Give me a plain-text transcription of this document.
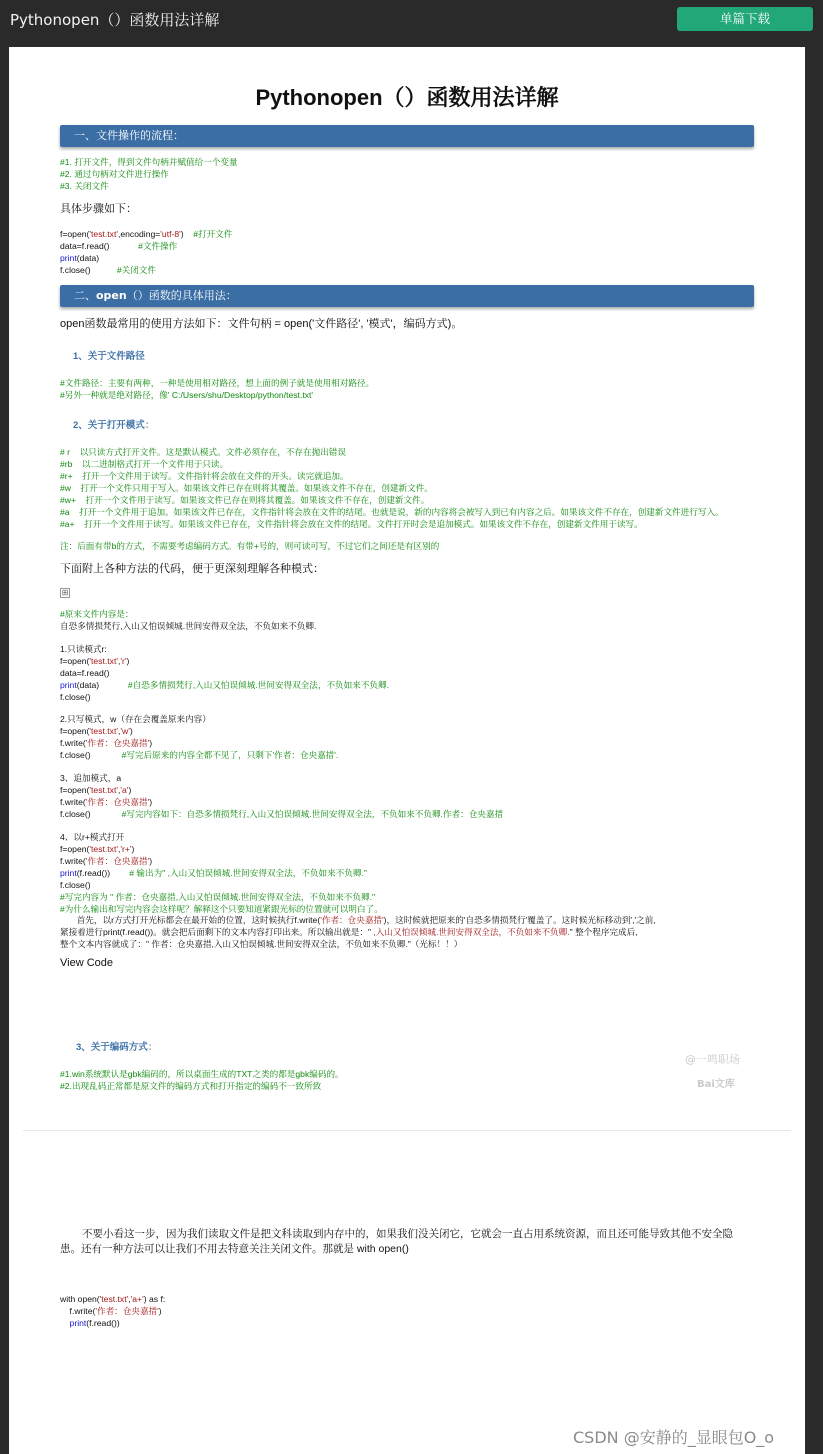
Pythonopen（）函数用法详解	单篇下载
Pythonopen（）函数用法详解
一、文件操作的流程：
#1. 打开文件，得到文件句柄并赋值给一个变量
#2. 通过句柄对文件进行操作
#3. 关闭文件
具体步骤如下：
f=open('test.txt',encoding='utf-8') #打开文件
data=f.read()	#文件操作
print(data)
f.close()	#关闭文件
二、open（）函数的具体用法：
open函数最常用的使用方法如下：文件句柄 = open('文件路径', '模式'，编码方式)。
1、关于文件路径
#文件路径：主要有两种，一种是使用相对路径，想上面的例子就是使用相对路径。
#另外一种就是绝对路径，像' C:/Users/shu/Desktop/python/test.txt'
2、关于打开模式：
# r    以只读方式打开文件。这是默认模式。文件必须存在，不存在抛出错误
#rb    以二进制格式打开一个文件用于只读。
#r+    打开一个文件用于读写。文件指针将会放在文件的开头。读完就追加。
#w    打开一个文件只用于写入。如果该文件已存在则将其覆盖。如果该文件不存在，创建新文件。
#w+    打开一个文件用于读写。如果该文件已存在则将其覆盖。如果该文件不存在，创建新文件。
#a    打开一个文件用于追加。如果该文件已存在，文件指针将会放在文件的结尾。也就是说，新的内容将会被写入到已有内容之后。如果该文件不存在，创建新文件进行写入。
#a+    打开一个文件用于读写。如果该文件已存在，文件指针将会放在文件的结尾。文件打开时会是追加模式。如果该文件不存在，创建新文件用于读写。
注：后面有带b的方式，不需要考虑编码方式。有带+号的，则可读可写，不过它们之间还是有区别的
下面附上各种方法的代码，便于更深刻理解各种模式：
⊞
#原来文件内容是：
自恐多情损梵行,入山又怕误倾城.世间安得双全法，不负如来不负卿.
1.只读模式r:
f=open('test.txt','r')
data=f.read()
print(data)	#自恐多情损梵行,入山又怕误倾城.世间安得双全法，不负如来不负卿.
f.close()
2.只写模式，w（存在会覆盖原来内容）
f=open('test.txt','w')
f.write('作者：仓央嘉措')
f.close()	#写完后原来的内容全都不见了，只剩下'作者：仓央嘉措'.
3、追加模式，a
f=open('test.txt','a')
f.write('作者：仓央嘉措')
f.close()	#写完内容如下：自恐多情损梵行,入山又怕误倾城.世间安得双全法，不负如来不负卿.作者：仓央嘉措
4、以r+模式打开
f=open('test.txt','r+')
f.write('作者：仓央嘉措')
print(f.read()) # 输出为" ,入山又怕误倾城.世间安得双全法，不负如来不负卿."
f.close()
#写完内容为 " 作者：仓央嘉措,入山又怕误倾城.世间安得双全法，不负如来不负卿."
#为什么输出和写完内容会这样呢？解释这个只要知道紧跟光标的位置就可以明白了。
首先，以r方式打开光标都会在最开始的位置，这时候执行f.write('作者：仓央嘉措')，这时候就把原来的'自恐多情损梵行'覆盖了。这时候光标移动到','之前,
紧接着进行print(f.read())。就会把后面剩下的文本内容打印出来。所以输出就是：" ,入山又怕误倾城.世间安得双全法，不负如来不负卿." 整个程序完成后,
整个文本内容就成了：" 作者：仓央嘉措,入山又怕误倾城.世间安得双全法，不负如来不负卿."（光标！！）
View Code
3、关于编码方式：
#1.win系统默认是gbk编码的，所以桌面生成的TXT之类的都是gbk编码的。
#2.出现乱码正常都是原文件的编码方式和打开指定的编码不一致所致
@一鸣职场
Bai文库
不要小看这一步，因为我们读取文件是把文科读取到内存中的，如果我们没关闭它，它就会一直占用系统资源，而且还可能导致其他不安全隐患。还有一种方法可以让我们不用去特意关注关闭文件。那就是 with open()
with open('test.txt','a+') as f:
f.write('作者：仓央嘉措')
print(f.read())
CSDN @安静的_显眼包O_o
